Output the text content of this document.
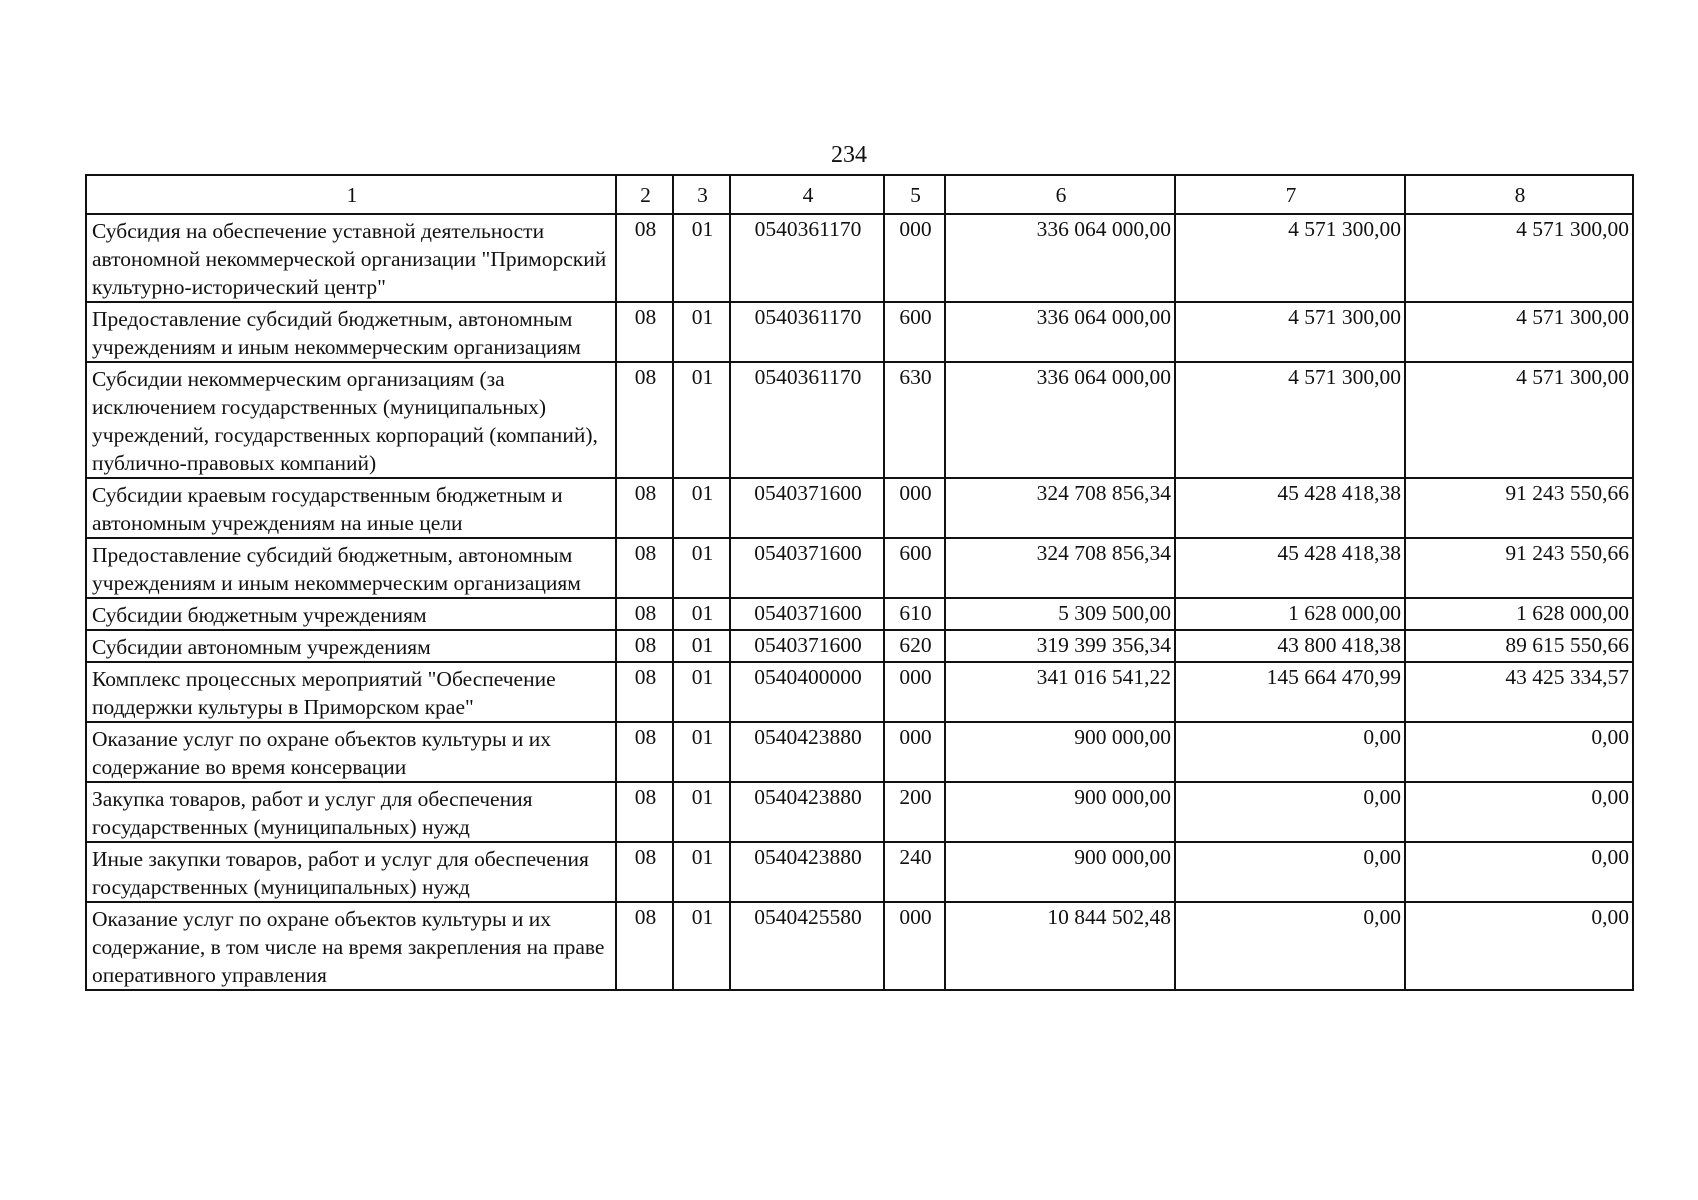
234
1	2	3	4	5	6	7	8
Субсидия на обеспечение уставной деятельности автономной некоммерческой организации "Приморский культурно-исторический центр"	08	01	0540361170	000	336 064 000,00	4 571 300,00	4 571 300,00
Предоставление субсидий бюджетным, автономным учреждениям и иным некоммерческим организациям	08	01	0540361170	600	336 064 000,00	4 571 300,00	4 571 300,00
Субсидии некоммерческим организациям (за исключением государственных (муниципальных) учреждений, государственных корпораций (компаний), публично-правовых компаний)	08	01	0540361170	630	336 064 000,00	4 571 300,00	4 571 300,00
Субсидии краевым государственным бюджетным и автономным учреждениям на иные цели	08	01	0540371600	000	324 708 856,34	45 428 418,38	91 243 550,66
Предоставление субсидий бюджетным, автономным учреждениям и иным некоммерческим организациям	08	01	0540371600	600	324 708 856,34	45 428 418,38	91 243 550,66
Субсидии бюджетным учреждениям	08	01	0540371600	610	5 309 500,00	1 628 000,00	1 628 000,00
Субсидии автономным учреждениям	08	01	0540371600	620	319 399 356,34	43 800 418,38	89 615 550,66
Комплекс процессных мероприятий "Обеспечение поддержки культуры в Приморском крае"	08	01	0540400000	000	341 016 541,22	145 664 470,99	43 425 334,57
Оказание услуг по охране объектов культуры и их содержание во время консервации	08	01	0540423880	000	900 000,00	0,00	0,00
Закупка товаров, работ и услуг для обеспечения государственных (муниципальных) нужд	08	01	0540423880	200	900 000,00	0,00	0,00
Иные закупки товаров, работ и услуг для обеспечения государственных (муниципальных) нужд	08	01	0540423880	240	900 000,00	0,00	0,00
Оказание услуг по охране объектов культуры и их содержание, в том числе на время закрепления на праве оперативного управления	08	01	0540425580	000	10 844 502,48	0,00	0,00
